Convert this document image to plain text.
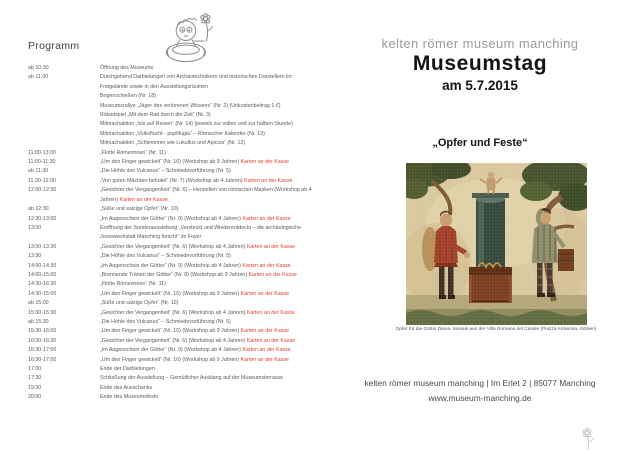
Programm
ab 10:30	Öffnung des Museums
ab 11:00	Durchgehend Darbietungen von Archäotechnikern und historischen Darstellern im Freigelände sowie in den Ausstellungsräumen
Bogenschießen (Nr. 18)
Museumsrallye „Jäger des verlorenen Wissens“ (Nr. 2) (Unkostenbeitrag 1 €)
Rätselspiel „Mit dem Rad durch die Zeit“ (Nr. 3)
Mitmachaktion „Isis auf Reisen“ (Nr. 14) (jeweils zur vollen und zur halben Stunde)
Mitmachaktion „Volksflucht - puplifugia“ – Römischer Kalender (Nr. 13)
Mitmachaktion „Schlemmen wie Lukullus und Apicius“ (Nr. 12)
11:00-13:00	„Flotte Römerinnen“ (Nr. 11)
11:00-11:30	„Um den Finger gewickelt“ (Nr. 16) (Workshop ab 9 Jahren) Karten an der Kasse
ab 11:30	„Die Höhle des Vulcanus“ – Schmiedevorführung (Nr. 5)
11:30-12:00	„Von guten Mächten behütet“ (Nr. 7) (Workshop ab 4 Jahren) Karten an der Kasse
12:00-12:30	„Gesichter der Vergangenheit“ (Nr. 6) – Herstellen von römischen Masken (Workshop ab 4 Jahren) Karten an der Kasse
ab 12:30	„Süße und salzige Opfer“ (Nr. 10)
12:30-13:00	„Im Augenschein der Götter“ (Nr. 9) (Workshop ab 4 Jahren) Karten an der Kasse
13:00	Eröffnung der Sonderausstellung „Versteckt und Wiederentdeckt – die archäologische Juniorwerkstatt Manching forscht“ im Foyer
13:00-13:30	„Gesichter der Vergangenheit“ (Nr. 6) (Workshop ab 4 Jahren) Karten an der Kasse
13:30	„Die Höhle des Vulcanus“ – Schmiedevorführung (Nr. 5)
14:00-14:30	„Im Augenschein der Götter“ (Nr. 9) (Workshop ab 4 Jahren) Karten an der Kasse
14:00-15:00	„Brennende Tränen der Götter“ (Nr. 8) (Workshop ab 9 Jahren) Karten an der Kasse
14:30-16:30	„Flotte Römerinnen“ (Nr. 11)
14:30-15:00	„Um den Finger gewickelt“ (Nr. 15) (Workshop ab 9 Jahren) Karten an der Kasse
ab 15:00	„Süße und salzige Opfer“ (Nr. 10)
15:00-15:30	„Gesichter der Vergangenheit“ (Nr. 6) (Workshop ab 4 Jahren) Karten an der Kasse
ab 15:30	„Die Höhle des Vulcanus“ – Schmiedevorführung (Nr. 5)
15:30-16:00	„Um den Finger gewickelt“ (Nr. 15) (Workshop ab 9 Jahren) Karten an der Kasse
16:00-16:30	„Gesichter der Vergangenheit“ (Nr. 6) (Workshop ab 4 Jahren) Karten an der Kasse
16:30-17:00	„Im Augenschein der Götter“ (Nr. 9) (Workshop ab 4 Jahren) Karten an der Kasse
16:30-17:00	„Um den Finger gewickelt“ (Nr. 16) (Workshop ab 9 Jahren) Karten an der Kasse
17:00	Ende der Darbietungen
17:30	Schließung der Ausstellung – Gemütlicher Ausklang auf der Museumsterrasse
19:30	Ende des Ausschanks
20:00	Ende des Museumsfests
kelten römer museum manching
Museumstag
am 5.7.2015
„Opfer und Feste“
Opfer für die Göttin Diana. Mosaik aus der Villa Romana del Casale (Piazza Armerina, Sizilien)
kelten römer museum manching | Im Erlet 2 | 85077 Manching
www.museum-manching.de
